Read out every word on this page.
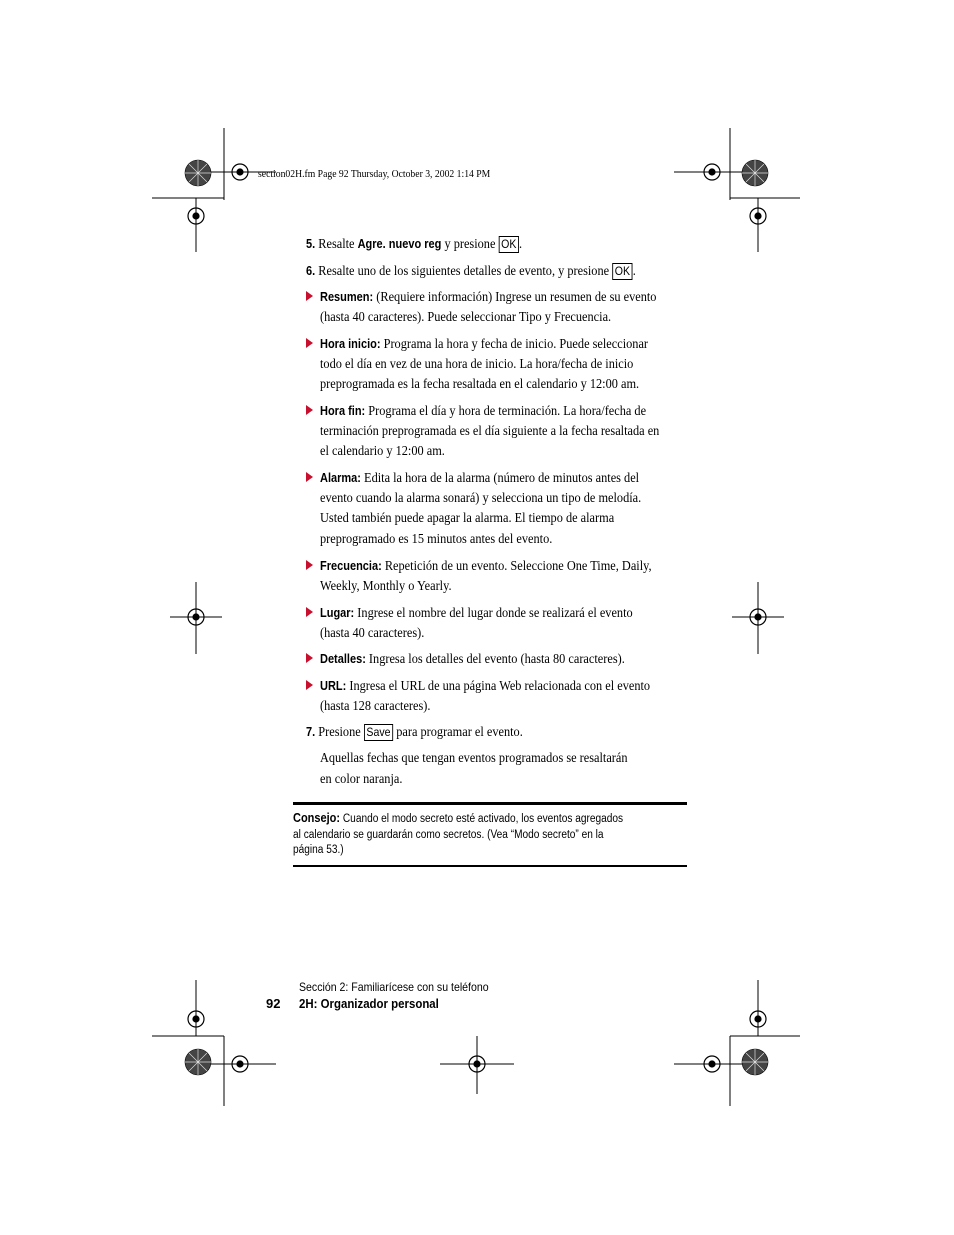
section02H.fm Page 92 Thursday, October 3, 2002 1:14 PM
5. Resalte Agre. nuevo reg y presione OK .
6. Resalte uno de los siguientes detalles de evento, y presione OK .
Resumen: (Requiere información) Ingrese un resumen de su evento
(hasta 40 caracteres). Puede seleccionar Tipo y Frecuencia.
Hora inicio: Programa la hora y fecha de inicio. Puede seleccionar
todo el día en vez de una hora de inicio. La hora/fecha de inicio
preprogramada es la fecha resaltada en el calendario y 12:00 am.
Hora fin: Programa el día y hora de terminación. La hora/fecha de
terminación preprogramada es el día siguiente a la fecha resaltada en
el calendario y 12:00 am.
Alarma: Edita la hora de la alarma (número de minutos antes del
evento cuando la alarma sonará) y selecciona un tipo de melodía.
Usted también puede apagar la alarma. El tiempo de alarma
preprogramado es 15 minutos antes del evento.
Frecuencia: Repetición de un evento. Seleccione One Time, Daily,
Weekly, Monthly o Yearly.
Lugar: Ingrese el nombre del lugar donde se realizará el evento
(hasta 40 caracteres).
Detalles: Ingresa los detalles del evento (hasta 80 caracteres).
URL: Ingresa el URL de una página Web relacionada con el evento
(hasta 128 caracteres).
7. Presione Save para programar el evento.
Aquellas fechas que tengan eventos programados se resaltarán
en color naranja.
Consejo: Cuando el modo secreto esté activado, los eventos agregados
al calendario se guardarán como secretos. (Vea “Modo secreto” en la
página 53.)
Sección 2: Familiarícese con su teléfono
92 2H: Organizador personal
